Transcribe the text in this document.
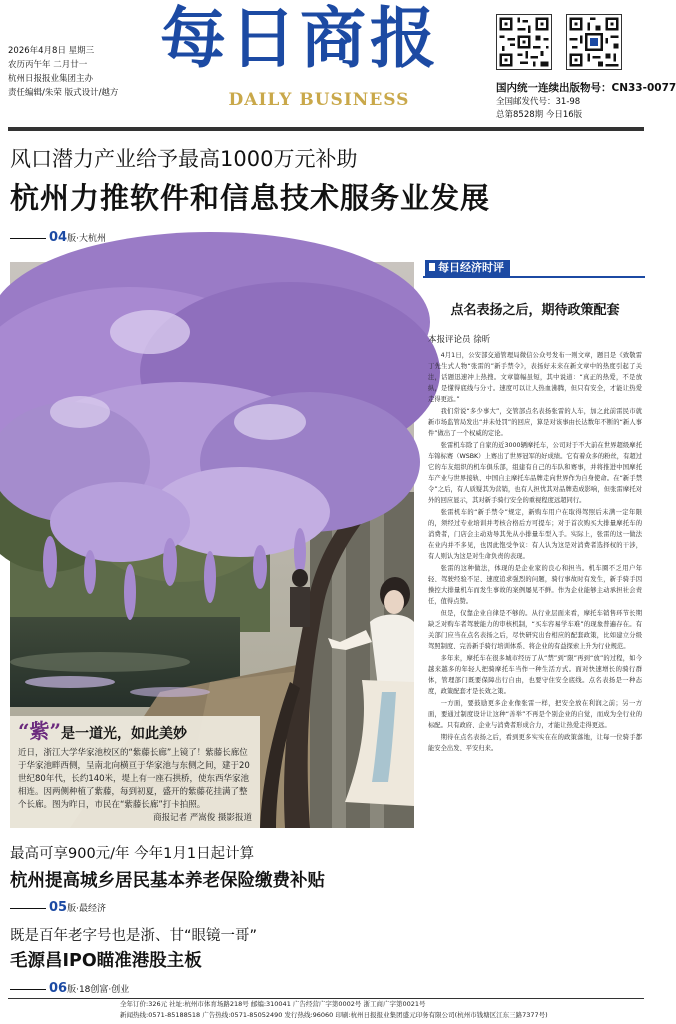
2026年4月8日 星期三
农历丙午年 二月廿一
杭州日报报业集团主办
责任编辑/朱荣 版式设计/越方
每日商报
DAILY BUSINESS
国内统一连续出版物号：CN33-0077
全国邮发代号：31-98
总第8528期 今日16版
风口潜力产业给予最高1000万元补助
杭州力推软件和信息技术服务业发展
04版·大杭州
“紫”是一道光，如此美妙
近日，浙江大学华家池校区的“紫藤长廊”上镜了！紫藤长廊位于华家池畔西侧，呈南北向横亘于华家池与东侧之间，建于20世纪80年代，长约140米，堤上有一座石拱桥，使东西华家池相连。因两侧种植了紫藤，每到初夏，盛开的紫藤花挂满了整个长廊。图为昨日，市民在“紫藤长廊”打卡拍照。
商报记者 严嵩俊 摄影报道
每日经济时评
点名表扬之后，期待政策配套
本报评论员 徐昕

4月1日，公安部交通管理局微信公众号发布一则文章，题目是《致敬雷丁先生式人物“张雷的”新手禁令》，表扬好未来在新文章中的热度引起了关注，话题迅速冲上热搜。文章篇幅虽短，其中说道：“真正的热爱，不是放纵，是懂得底线与分寸。速度可以让人热血沸腾，但只有安全，才能让热爱走得更远。”

我们常说“多少事大”，交管部点名表扬张雷的人车，加之此前雷民市就新市场监管局发出“并未处罚”的回应，算是对该事由长达数年不断的“新人事件”做出了一个权威的定论。

张雷机车除了自家的近3000辆摩托车，公司对于不大前在世界超级摩托车锦标赛（WSBK）上赛出了世界冠军的好成绩。它有着众多的粉丝，有超过它的车友组织的机车俱乐部，组建有自己的车队和赛事，并将推进中国摩托车产业与世界接轨、中国自主摩托车品牌走向世界作为自身使命。在“新手禁令”之后，有人质疑其为营销，也有人担忧其对品牌造成影响，但张雷摩托对外的回应显示，其对新手骑行安全的重视程度远超同行。

张雷机车的“新手禁令”规定，新购车用户在取得驾照后未满一定年限的，须经过专业培训并考核合格后方可提车；对于首次购买大排量摩托车的消费者，门店会主动劝导其先从小排量车型入手。实际上，张雷的这一做法在业内并不多见，也因此饱受争议：有人认为这是对消费者选择权的干涉，有人则认为这是对生命负责的表现。

张雷的这种做法，体现的是企业家的良心和担当。机车圈不乏用户年轻、驾驶经验不足、速度追求强烈的问题，骑行事故时有发生，新手骑手因操控大排量机车而发生事故的案例屡见不鲜。作为企业能够主动承担社会责任，值得点赞。

但是，仅靠企业自律是不够的。从行业层面来看，摩托车销售环节长期缺乏对购车者驾驶能力的审核机制，“买车容易学车难”的现象普遍存在。有关部门应当在点名表扬之后，尽快研究出台相应的配套政策，比如建立分级驾照制度、完善新手骑行培训体系、将企业的有益探索上升为行业规范。

多年来，摩托车在很多城市经历了从“禁”到“限”再到“放”的过程，如今越来越多的年轻人把骑摩托车当作一种生活方式。面对快速增长的骑行群体，管理部门既要保障出行自由，也要守住安全底线。点名表扬是一种态度，政策配套才是长效之策。

一方面，要鼓励更多企业像张雷一样，把安全放在利润之前；另一方面，要通过制度设计让这种“善举”不再是个别企业的自觉，而成为全行业的标配。只有政府、企业与消费者形成合力，才能让热爱走得更远。

期待在点名表扬之后，看到更多实实在在的政策落地，让每一位骑手都能安全出发、平安归来。

最高可享900元/年 今年1月1日起计算
杭州提高城乡居民基本养老保险缴费补贴
05版·最经济
既是百年老字号也是浙、甘“眼镜一哥”
毛源昌IPO瞄准港股主板
06版·18创富·创业
全年订价:326元 社址:杭州市体育场路218号 邮编:310041 广告经营广字第0002号 浙工商广字第0021号
新闻热线:0571-85188518 广告热线:0571-85052490 发行热线:96060 印刷:杭州日报报业集团盛元印务有限公司(杭州市钱塘区江东三路7377号)
